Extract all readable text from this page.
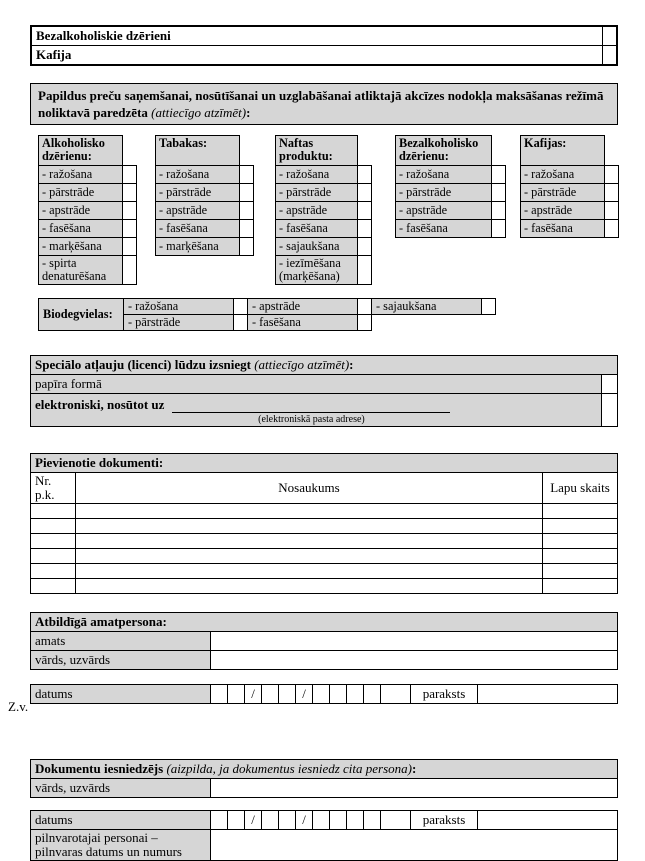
Bezalkoholiskie dzērieni	
Kafija	
Papildus preču saņemšanai, nosūtīšanai un uzglabāšanai atliktajā akcīzes nodokļa maksāšanas režīmā noliktavā paredzēta (attiecīgo atzīmēt):
Alkoholisko dzērienu:	
- ražošana	
- pārstrāde	
- apstrāde	
- fasēšana	
- marķēšana	
- spirta denaturēšana	
Tabakas:	
- ražošana	
- pārstrāde	
- apstrāde	
- fasēšana	
- marķēšana	
Naftas produktu:	
- ražošana	
- pārstrāde	
- apstrāde	
- fasēšana	
- sajaukšana	
- iezīmēšana (marķēšana)	
Bezalkoholisko dzērienu:	
- ražošana	
- pārstrāde	
- apstrāde	
- fasēšana	
Kafijas:	
- ražošana	
- pārstrāde	
- apstrāde	
- fasēšana	
Biodegvielas:	- ražošana		- apstrāde		- sajaukšana	
	- pārstrāde		- fasēšana			
Speciālo atļauju (licenci) lūdzu izsniegt (attiecīgo atzīmēt):	
papīra formā	
elektroniski, nosūtot uz
(elektroniskā pasta adrese)	

Pievienotie dokumenti:		

Nr.
p.k.	Nosaukums	Lapu skaits

Atbildīgā amatpersona:	
amats	
vārds, uzvārds	
datums			/			/						paraksts	
Dokumentu iesniedzējs (aizpilda, ja dokumentus iesniedz cita persona):
vārds, uzvārds	
datums			/			/						paraksts	

pilnvarotajai personai –
pilnvaras datums un numurs													

Z.v.
